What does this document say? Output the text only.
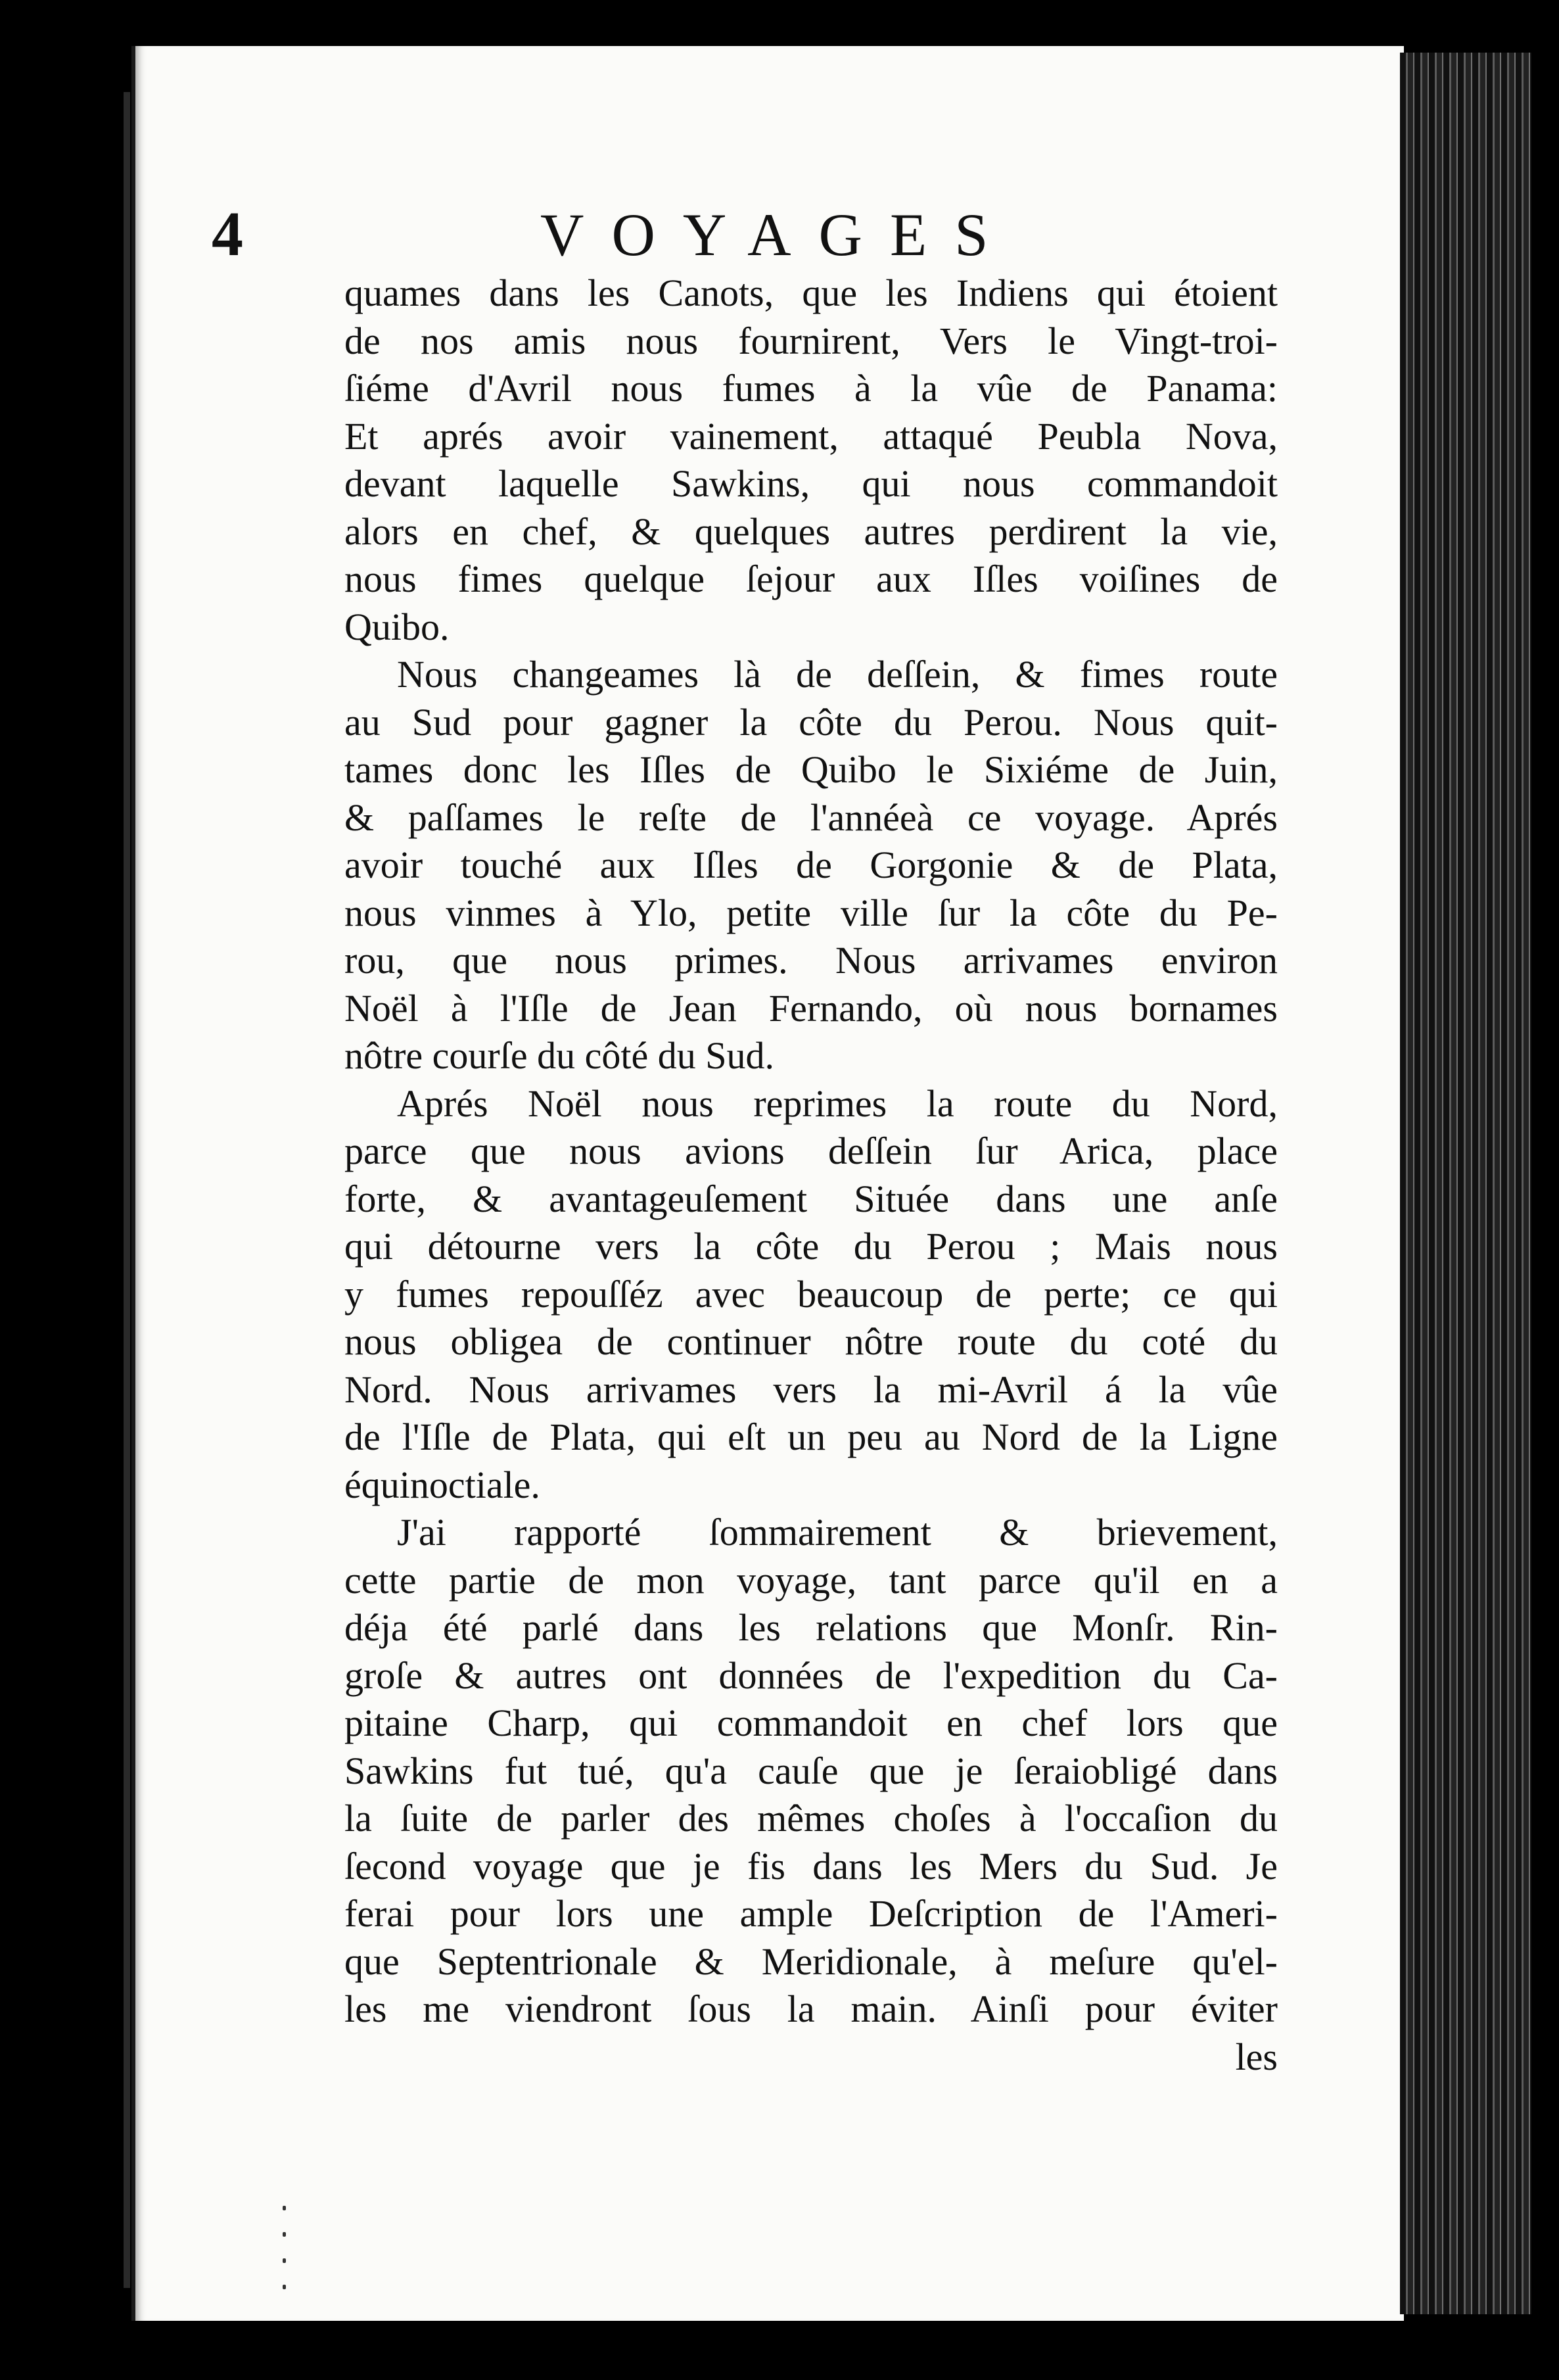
4	VOYAGES
quames dans les Canots, que les Indiens qui étoient
de nos amis nous fournirent, Vers le Vingt-troi-
ſiéme d'Avril nous fumes à la vûe de Panama:
Et aprés avoir vainement, attaqué Peubla Nova,
devant laquelle Sawkins, qui nous commandoit
alors en chef, & quelques autres perdirent la vie,
nous fimes quelque ſejour aux Iſles voiſines de
Quibo.
Nous changeames là de deſſein, & fimes route
au Sud pour gagner la côte du Perou. Nous quit-
tames donc les Iſles de Quibo le Sixiéme de Juin,
& paſſames le reſte de l'annéeà ce voyage. Aprés
avoir touché aux Iſles de Gorgonie & de Plata,
nous vinmes à Ylo, petite ville ſur la côte du Pe-
rou, que nous primes. Nous arrivames environ
Noël à l'Iſle de Jean Fernando, où nous bornames
nôtre courſe du côté du Sud.
Aprés Noël nous reprimes la route du Nord,
parce que nous avions deſſein ſur Arica, place
forte, & avantageuſement Située dans une anſe
qui détourne vers la côte du Perou ; Mais nous
y fumes repouſſéz avec beaucoup de perte; ce qui
nous obligea de continuer nôtre route du coté du
Nord. Nous arrivames vers la mi-Avril á la vûe
de l'Iſle de Plata, qui eſt un peu au Nord de la Ligne
équinoctiale.
J'ai rapporté ſommairement & brievement,
cette partie de mon voyage, tant parce qu'il en a
déja été parlé dans les relations que Monſr. Rin-
groſe & autres ont données de l'expedition du Ca-
pitaine Charp, qui commandoit en chef lors que
Sawkins fut tué, qu'a cauſe que je ſeraiobligé dans
la ſuite de parler des mêmes choſes à l'occaſion du
ſecond voyage que je fis dans les Mers du Sud. Je
ferai pour lors une ample Deſcription de l'Ameri-
que Septentrionale & Meridionale, à meſure qu'el-
les me viendront ſous la main. Ainſi pour éviter
les
